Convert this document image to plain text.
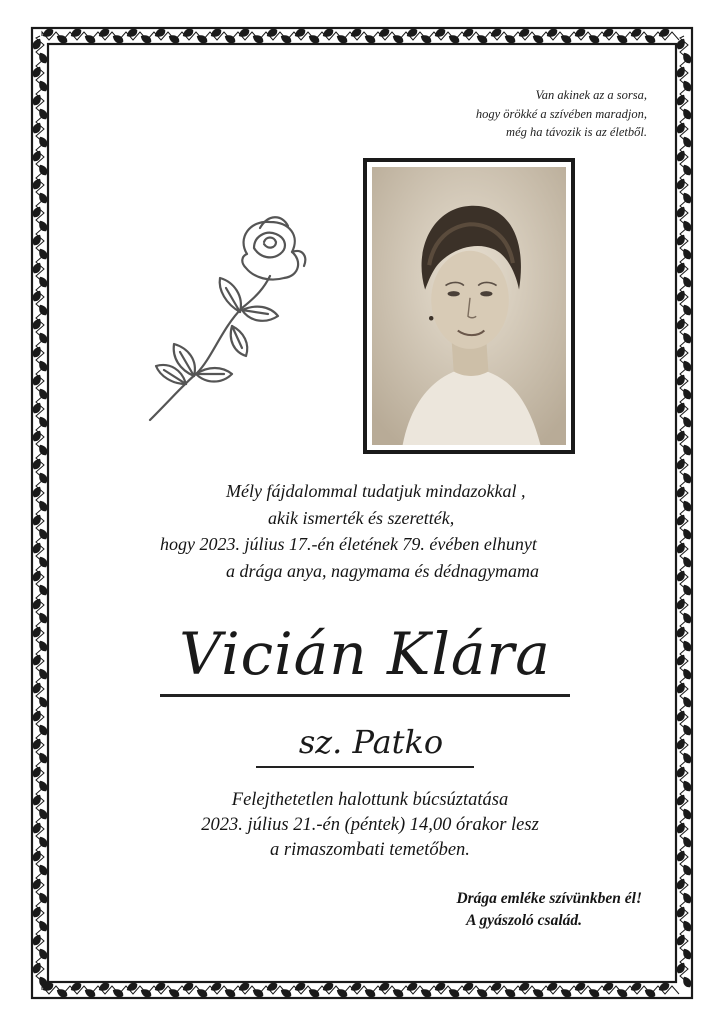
Van akinek az a sorsa,
hogy örökké a szívében maradjon,
még ha távozik is az életből.
Mély fájdalommal tudatjuk mindazokkal ,
akik ismerték és szerették,
hogy 2023. július 17.-én életének 79. évében elhunyt
a drága anya, nagymama és dédnagymama
Vicián Klára
sz. Patko
Felejthetetlen halottunk búcsúztatása
2023. július 21.-én (péntek) 14,00 órakor lesz
a rimaszombati temetőben.
Drága emléke szívünkben él!
A gyászoló család.
